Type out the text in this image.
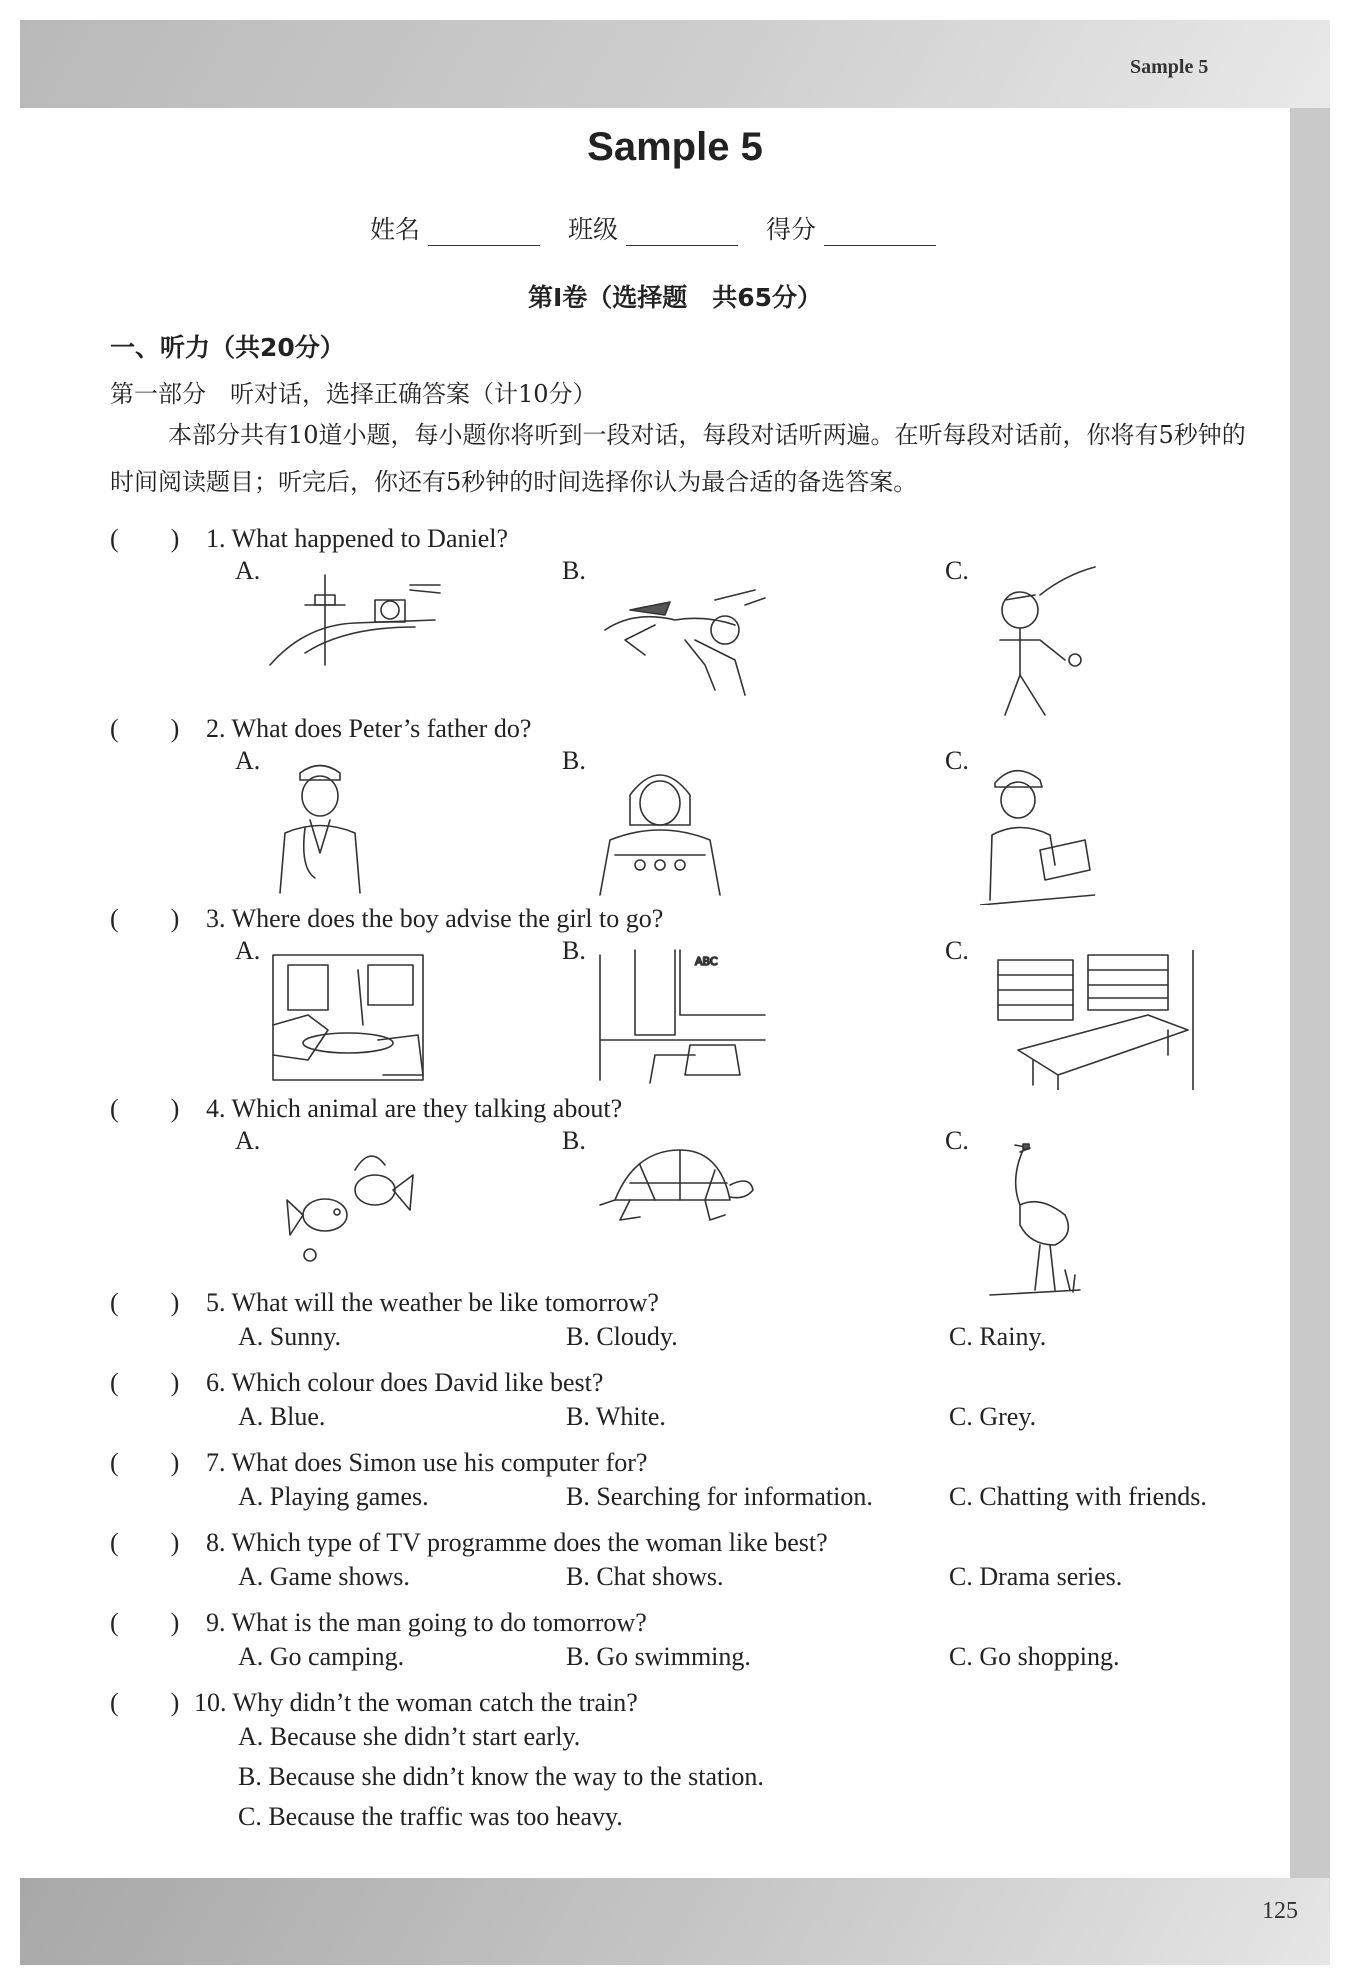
Sample 5
Sample 5
姓名	班级	得分
第Ⅰ卷（选择题　共65分）
一、听力（共20分）
第一部分　听对话，选择正确答案（计10分）
本部分共有10道小题，每小题你将听到一段对话，每段对话听两遍。在听每段对话前，你将有5秒钟的时间阅读题目；听完后，你还有5秒钟的时间选择你认为最合适的备选答案。
(　　) 1. What happened to Daniel?
A.	B.	C.
(　　) 2. What does Peter’s father do?
A.	B.	C.
(　　) 3. Where does the boy advise the girl to go?
A.	B.	C.
ABC
(　　) 4. Which animal are they talking about?
A.	B.	C.
(　　) 5. What will the weather be like tomorrow?
A. Sunny.	B. Cloudy.	C. Rainy.
(　　) 6. Which colour does David like best?
A. Blue.	B. White.	C. Grey.
(　　) 7. What does Simon use his computer for?
A. Playing games.	B. Searching for information.	C. Chatting with friends.
(　　) 8. Which type of TV programme does the woman like best?
A. Game shows.	B. Chat shows.	C. Drama series.
(　　) 9. What is the man going to do tomorrow?
A. Go camping.	B. Go swimming.	C. Go shopping.
(　　) 10. Why didn’t the woman catch the train?
A. Because she didn’t start early.
B. Because she didn’t know the way to the station.
C. Because the traffic was too heavy.
125
